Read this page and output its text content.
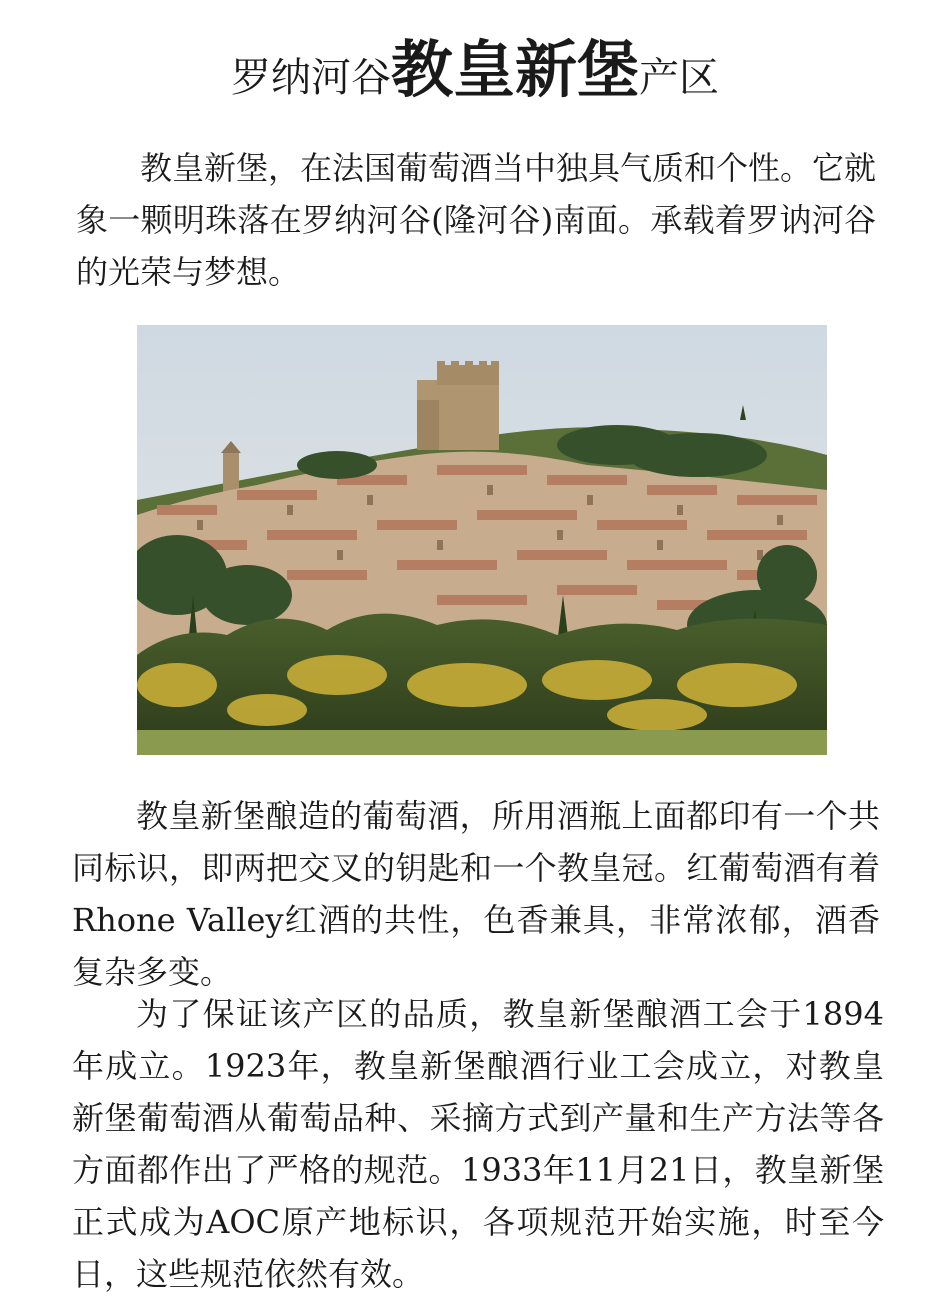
罗纳河谷教皇新堡产区

教皇新堡，在法国葡萄酒当中独具气质和个性。它就象一颗明珠落在罗纳河谷(隆河谷)南面。承载着罗讷河谷的光荣与梦想。

教皇新堡酿造的葡萄酒，所用酒瓶上面都印有一个共同标识，即两把交叉的钥匙和一个教皇冠。红葡萄酒有着Rhone Valley红酒的共性，色香兼具，非常浓郁，酒香复杂多变。

为了保证该产区的品质，教皇新堡酿酒工会于1894年成立。1923年，教皇新堡酿酒行业工会成立，对教皇新堡葡萄酒从葡萄品种、采摘方式到产量和生产方法等各方面都作出了严格的规范。1933年11月21日，教皇新堡正式成为AOC原产地标识，各项规范开始实施，时至今日，这些规范依然有效。
